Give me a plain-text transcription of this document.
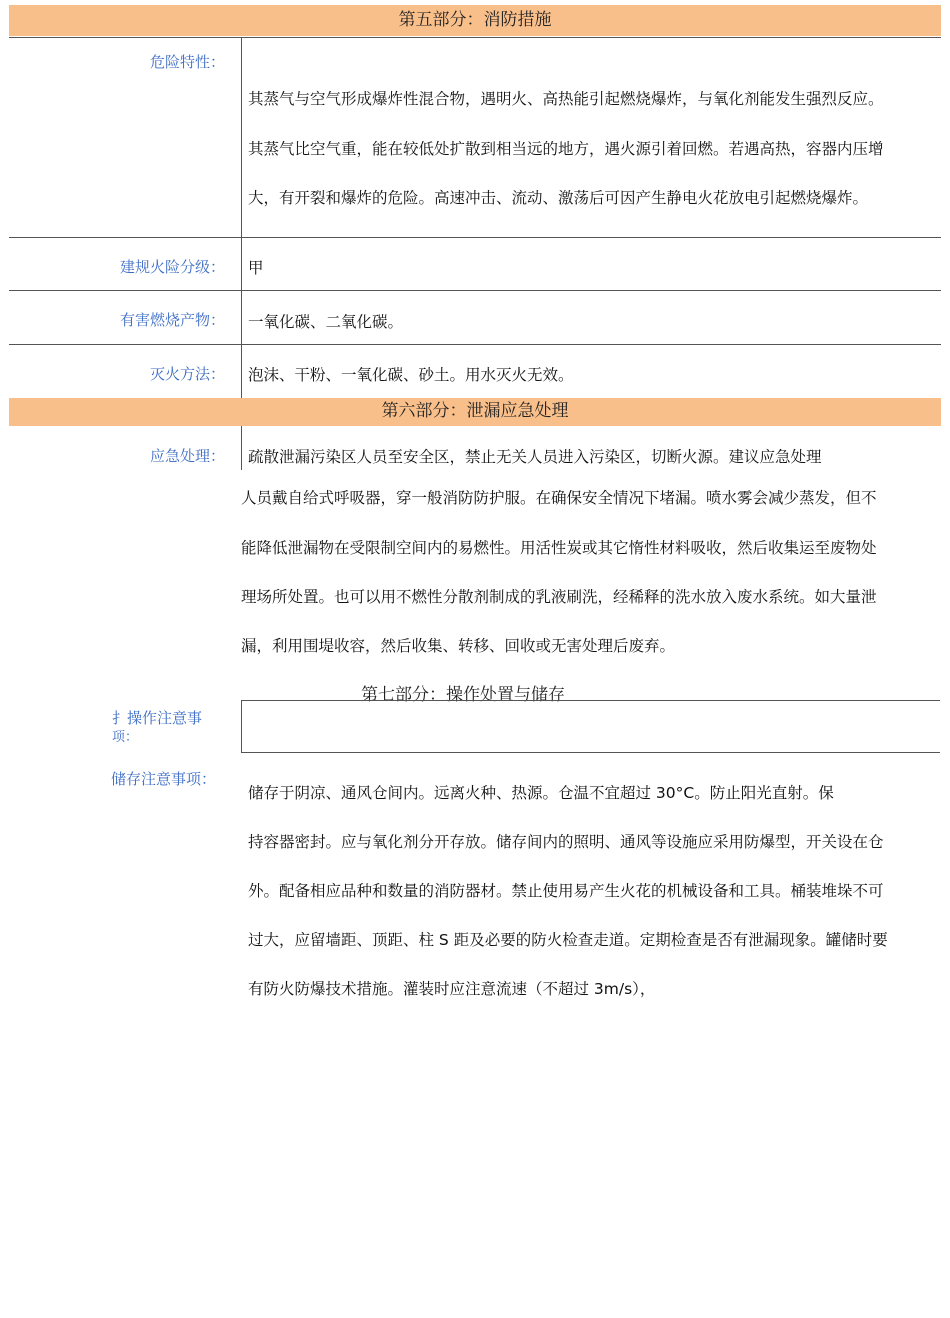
第五部分：消防措施
危险特性：
其蒸气与空气形成爆炸性混合物，遇明火、高热能引起燃烧爆炸，与氧化剂能发生强烈反应。
其蒸气比空气重，能在较低处扩散到相当远的地方，遇火源引着回燃。若遇高热，容器内压增
大，有开裂和爆炸的危险。高速冲击、流动、激荡后可因产生静电火花放电引起燃烧爆炸。
建规火险分级： 甲
有害燃烧产物： 一氧化碳、二氧化碳。
灭火方法： 泡沫、干粉、一氧化碳、砂土。用水灭火无效。
第六部分：泄漏应急处理
应急处理： 疏散泄漏污染区人员至安全区，禁止无关人员进入污染区，切断火源。建议应急处理
人员戴自给式呼吸器，穿一般消防防护服。在确保安全情况下堵漏。喷水雾会减少蒸发，但不
能降低泄漏物在受限制空间内的易燃性。用活性炭或其它惰性材料吸收，然后收集运至废物处
理场所处置。也可以用不燃性分散剂制成的乳液刷洗，经稀释的洗水放入废水系统。如大量泄
漏，利用围堤收容，然后收集、转移、回收或无害处理后废弃。
第七部分：操作处置与储存
扌操作注意事
项：
储存注意事项：
储存于阴凉、通风仓间内。远离火种、热源。仓温不宜超过 30°C。防止阳光直射。保
持容器密封。应与氧化剂分开存放。储存间内的照明、通风等设施应采用防爆型，开关设在仓
外。配备相应品种和数量的消防器材。禁止使用易产生火花的机械设备和工具。桶装堆垛不可
过大，应留墙距、顶距、柱 S 距及必要的防火检查走道。定期检查是否有泄漏现象。罐储时要
有防火防爆技术措施。灌装时应注意流速（不超过 3m/s），
